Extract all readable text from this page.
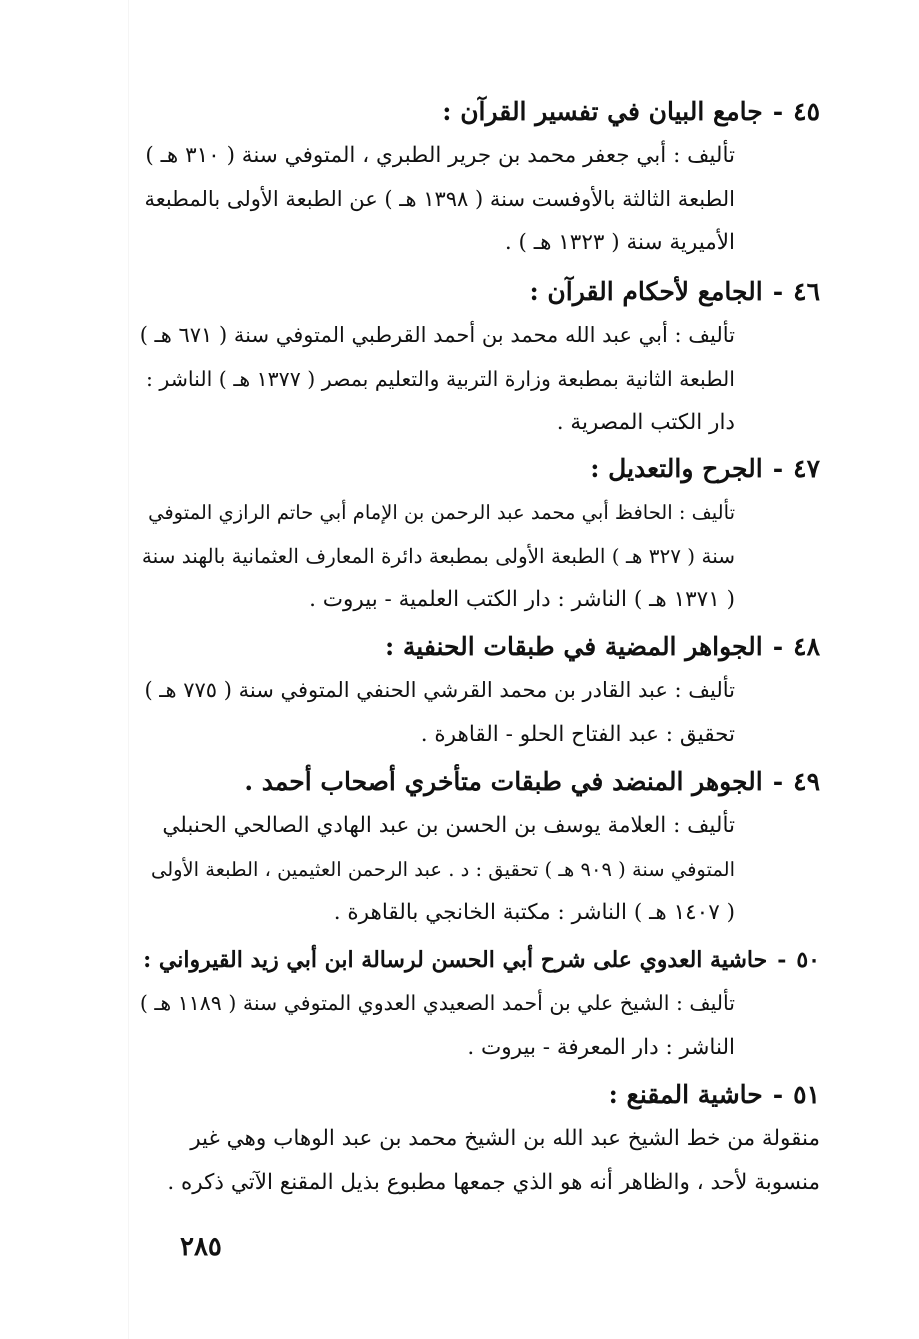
٤٥-جامع البيان في تفسير القرآن :
تأليف : أبي جعفر محمد بن جرير الطبري ، المتوفي سنة ( ٣١٠ هـ )
الطبعة الثالثة بالأوفست سنة ( ١٣٩٨ هـ ) عن الطبعة الأولى بالمطبعة
الأميرية سنة ( ١٣٢٣ هـ ) .
٤٦-الجامع لأحكام القرآن :
تأليف : أبي عبد الله محمد بن أحمد القرطبي المتوفي سنة ( ٦٧١ هـ )
الطبعة الثانية بمطبعة وزارة التربية والتعليم بمصر ( ١٣٧٧ هـ ) الناشر :
دار الكتب المصرية .
٤٧-الجرح والتعديل :
تأليف : الحافظ أبي محمد عبد الرحمن بن الإمام أبي حاتم الرازي المتوفي
سنة ( ٣٢٧ هـ ) الطبعة الأولى بمطبعة دائرة المعارف العثمانية بالهند سنة
( ١٣٧١ هـ ) الناشر : دار الكتب العلمية - بيروت .
٤٨-الجواهر المضية في طبقات الحنفية :
تأليف : عبد القادر بن محمد القرشي الحنفي المتوفي سنة ( ٧٧٥ هـ )
تحقيق : عبد الفتاح الحلو - القاهرة .
٤٩-الجوهر المنضد في طبقات متأخري أصحاب أحمد .
تأليف : العلامة يوسف بن الحسن بن عبد الهادي الصالحي الحنبلي
المتوفي سنة ( ٩٠٩ هـ ) تحقيق : د . عبد الرحمن العثيمين ، الطبعة الأولى
( ١٤٠٧ هـ ) الناشر : مكتبة الخانجي بالقاهرة .
٥٠-حاشية العدوي على شرح أبي الحسن لرسالة ابن أبي زيد القيرواني :
تأليف : الشيخ علي بن أحمد الصعيدي العدوي المتوفي سنة ( ١١٨٩ هـ )
الناشر : دار المعرفة - بيروت .
٥١-حاشية المقنع :
منقولة من خط الشيخ عبد الله بن الشيخ محمد بن عبد الوهاب وهي غير
منسوبة لأحد ، والظاهر أنه هو الذي جمعها مطبوع بذيل المقنع الآتي ذكره .
٢٨٥
